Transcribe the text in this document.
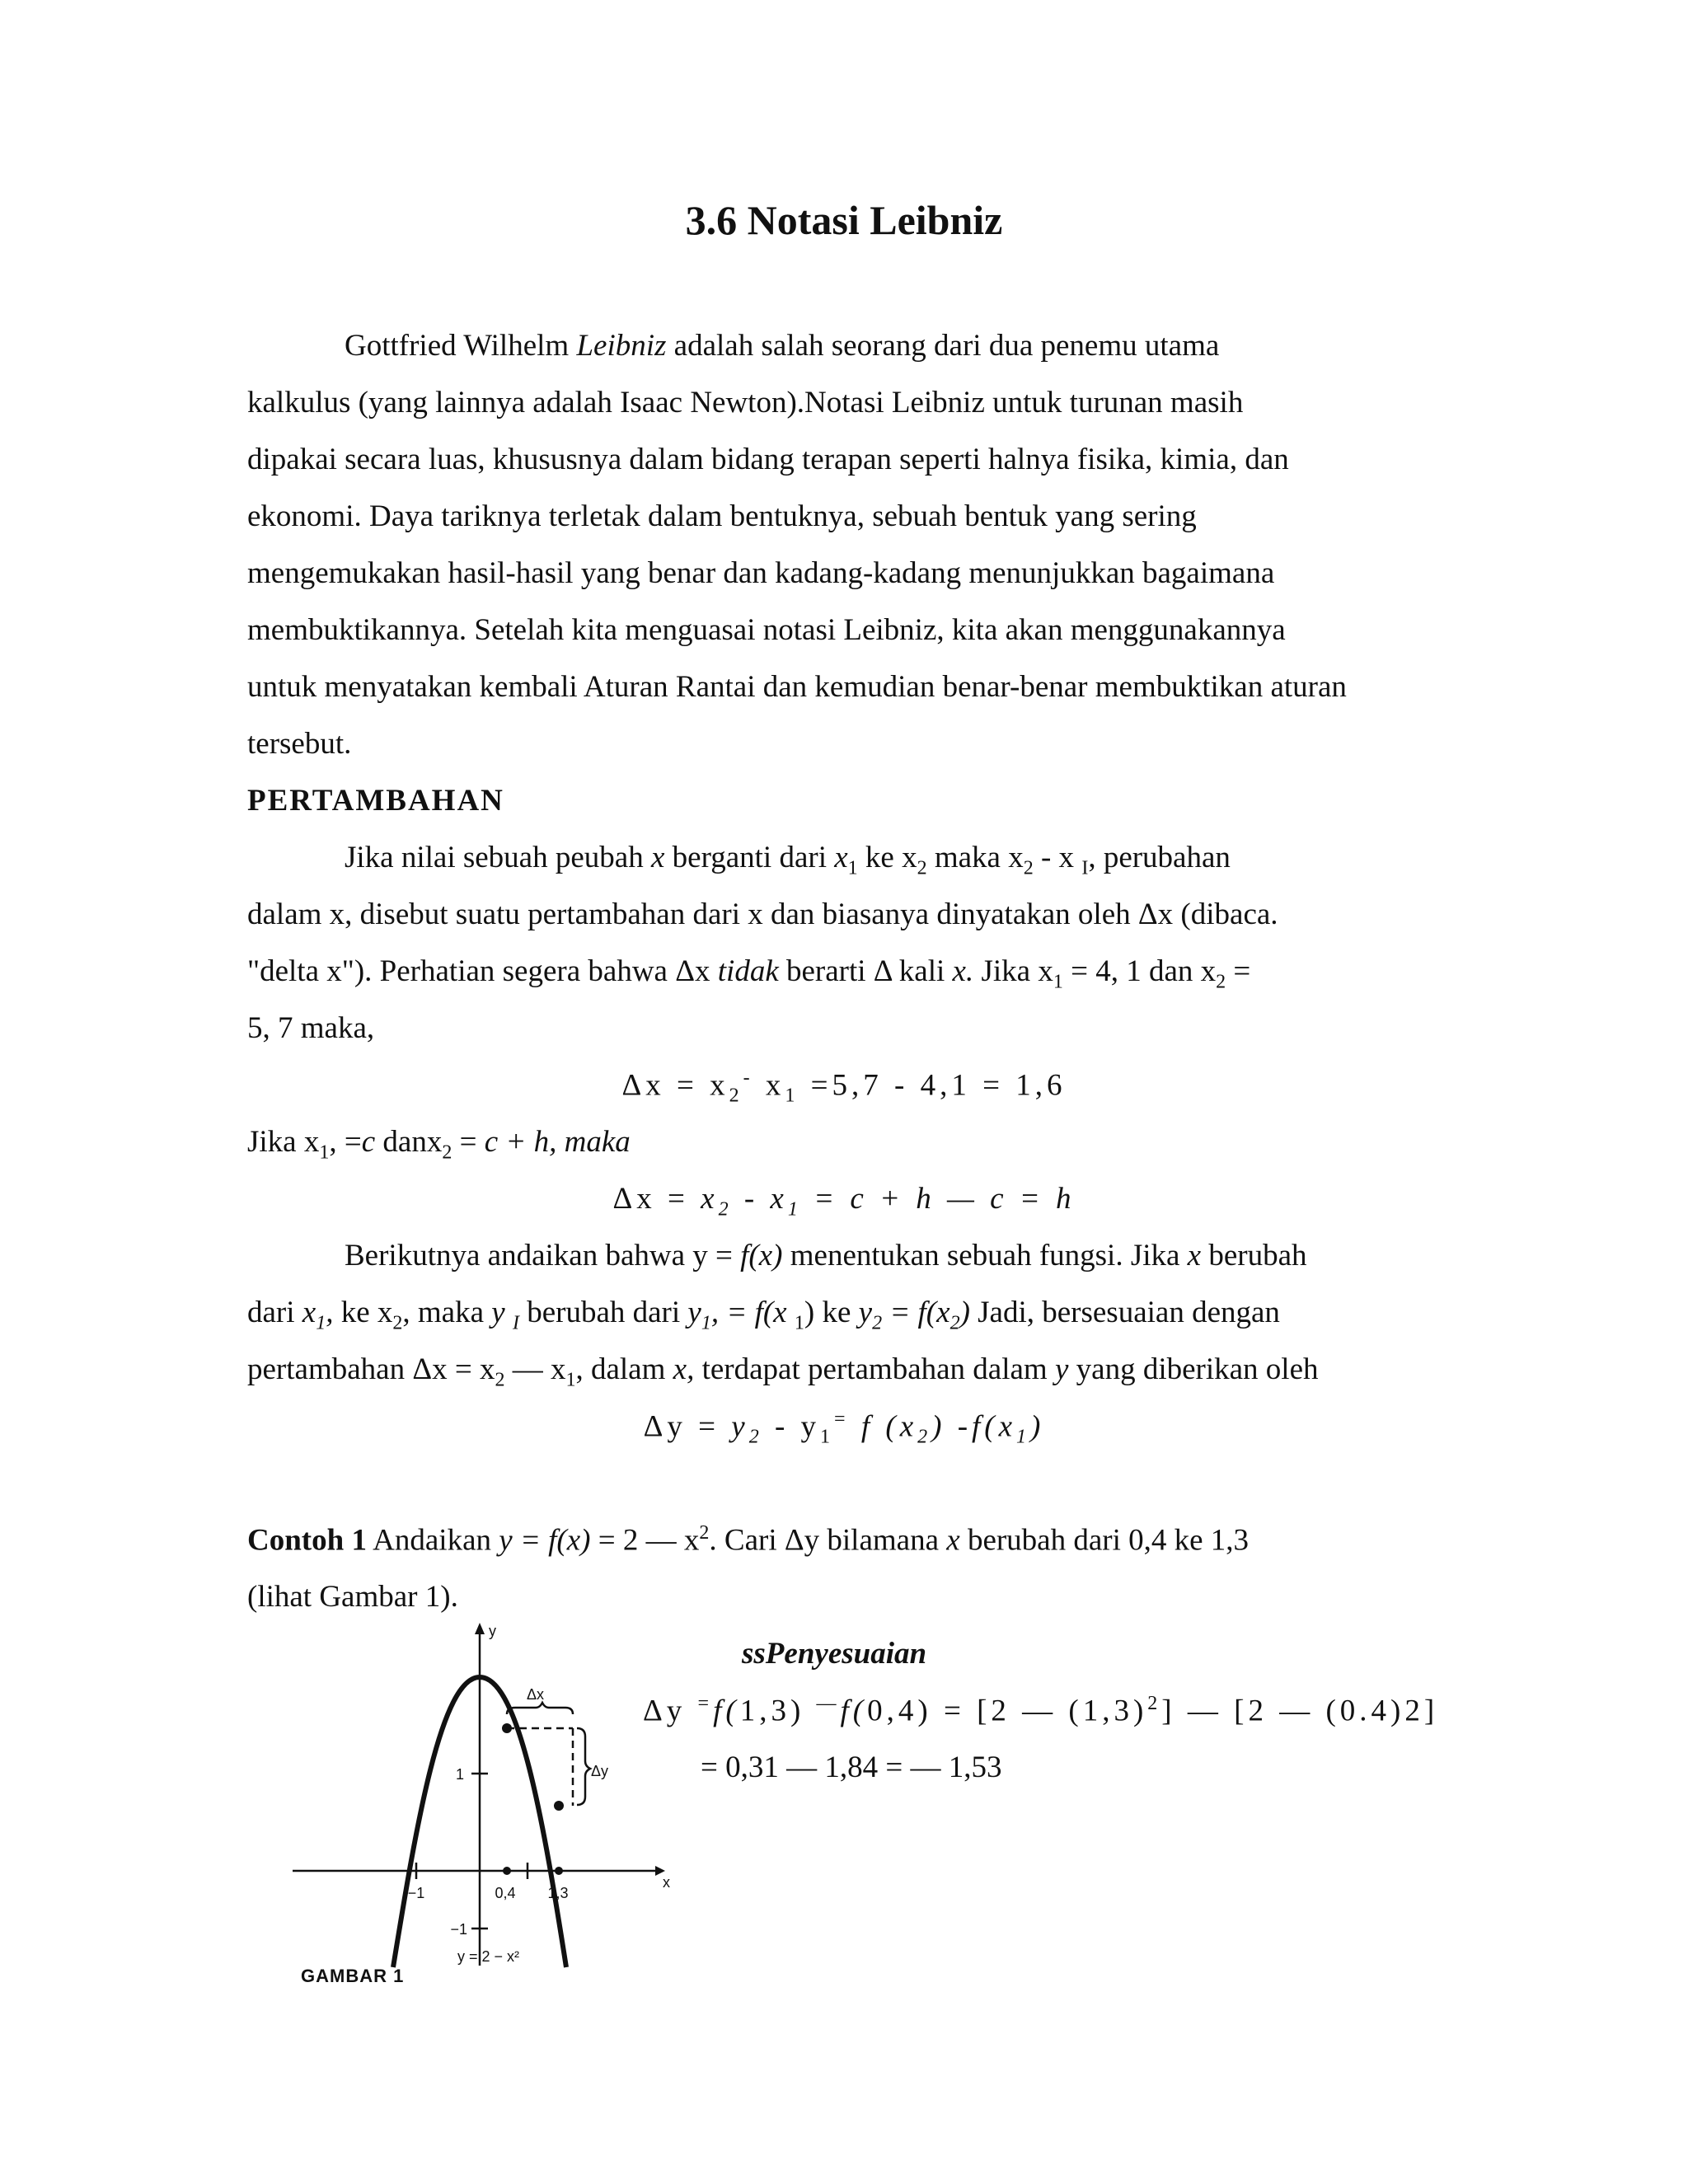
3.6 Notasi Leibniz
Gottfried Wilhelm Leibniz adalah salah seorang dari dua penemu utama
kalkulus (yang lainnya adalah Isaac Newton).Notasi Leibniz untuk turunan masih
dipakai secara luas, khususnya dalam bidang terapan seperti halnya fisika, kimia, dan
ekonomi. Daya tariknya terletak dalam bentuknya, sebuah bentuk yang sering
mengemukakan hasil-hasil yang benar dan kadang-kadang menunjukkan bagaimana
membuktikannya. Setelah kita menguasai notasi Leibniz, kita akan menggunakannya
untuk menyatakan kembali Aturan Rantai dan kemudian benar-benar membuktikan aturan
tersebut.
PERTAMBAHAN
Jika nilai sebuah peubah x berganti dari $x_1$ ke $x_2$ maka $x_2$ - x $_I$, perubahan
dalam x, disebut suatu pertambahan dari x dan biasanya dinyatakan oleh Δx (dibaca.
"delta x"). Perhatian segera bahwa Δx tidak berarti Δ kali x. Jika $x_1 = 4$, 1 dan $x_2$ =
5, 7 maka,
$\Delta x = x_2^-$ $x_1 =5,7 - 4,1 = 1,6$
Jika $x_1$, =c danx$_2$ = c + h, maka
$\Delta x = x_2 - x_1 = c + h$ — c = h
Berikutnya andaikan bahwa y = f(x) menentukan sebuah fungsi. Jika x berubah
dari $x_1$, ke $x_2$, maka y $_I$ berubah dari $y_1$, = f(x $_1$) ke $y_2 = f(x_2)$ Jadi, bersesuaian dengan
pertambahan $\Delta x = x_2$ — $x_1$, dalam x, terdapat pertambahan dalam y yang diberikan oleh
$\Delta y = y_2 - y_1^=$ f $(x_2)$ $-f(x_1)$
Contoh 1 Andaikan y = f(x) = 2 — $x^2$. Cari Δy bilamana x berubah dari 0,4 ke 1,3
(lihat Gambar 1).
ssPenyesuaian
Δy =f(1,3) —f(0,4) = [2 — $(1,3)^2$] — [2 — (0.4)2]
= 0,31 — 1,84 = — 1,53
x
y
Δx
Δy
−1	0,4 1,3
1
−1
y = 2 − x²
GAMBAR 1
